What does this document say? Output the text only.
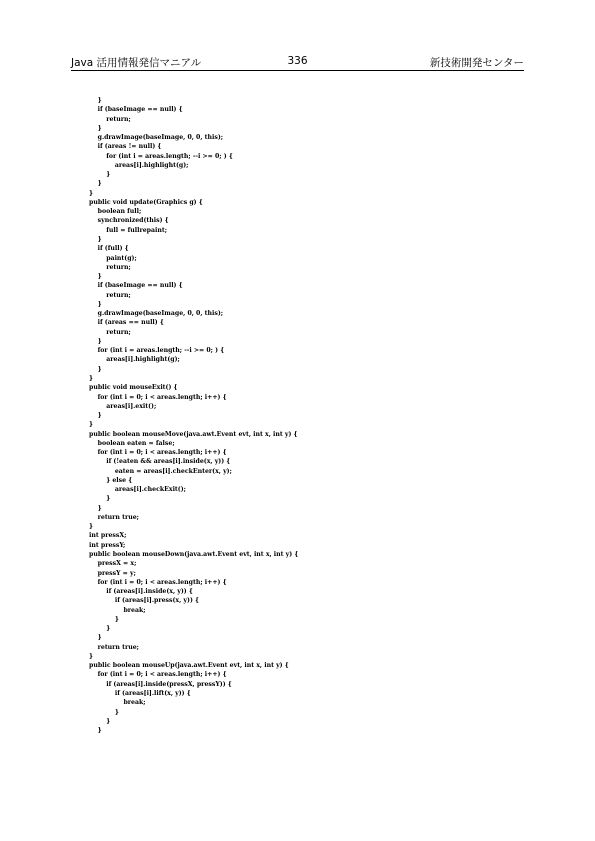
Java 活用情報発信マニアル	336	新技術開発センター
}
if (baseImage == null) {
return;
}
g.drawImage(baseImage, 0, 0, this);
if (areas != null) {
for (int i = areas.length; --i >= 0; ) {
areas[i].highlight(g);
}
}
}
public void update(Graphics g) {
boolean full;
synchronized(this) {
full = fullrepaint;
}
if (full) {
paint(g);
return;
}
if (baseImage == null) {
return;
}
g.drawImage(baseImage, 0, 0, this);
if (areas == null) {
return;
}
for (int i = areas.length; --i >= 0; ) {
areas[i].highlight(g);
}
}
public void mouseExit() {
for (int i = 0; i < areas.length; i++) {
areas[i].exit();
}
}
public boolean mouseMove(java.awt.Event evt, int x, int y) {
boolean eaten = false;
for (int i = 0; i < areas.length; i++) {
if (!eaten && areas[i].inside(x, y)) {
eaten = areas[i].checkEnter(x, y);
} else {
areas[i].checkExit();
}
}
return true;
}
int pressX;
int pressY;
public boolean mouseDown(java.awt.Event evt, int x, int y) {
pressX = x;
pressY = y;
for (int i = 0; i < areas.length; i++) {
if (areas[i].inside(x, y)) {
if (areas[i].press(x, y)) {
break;
}
}
}
return true;
}
public boolean mouseUp(java.awt.Event evt, int x, int y) {
for (int i = 0; i < areas.length; i++) {
if (areas[i].inside(pressX, pressY)) {
if (areas[i].lift(x, y)) {
break;
}
}
}
